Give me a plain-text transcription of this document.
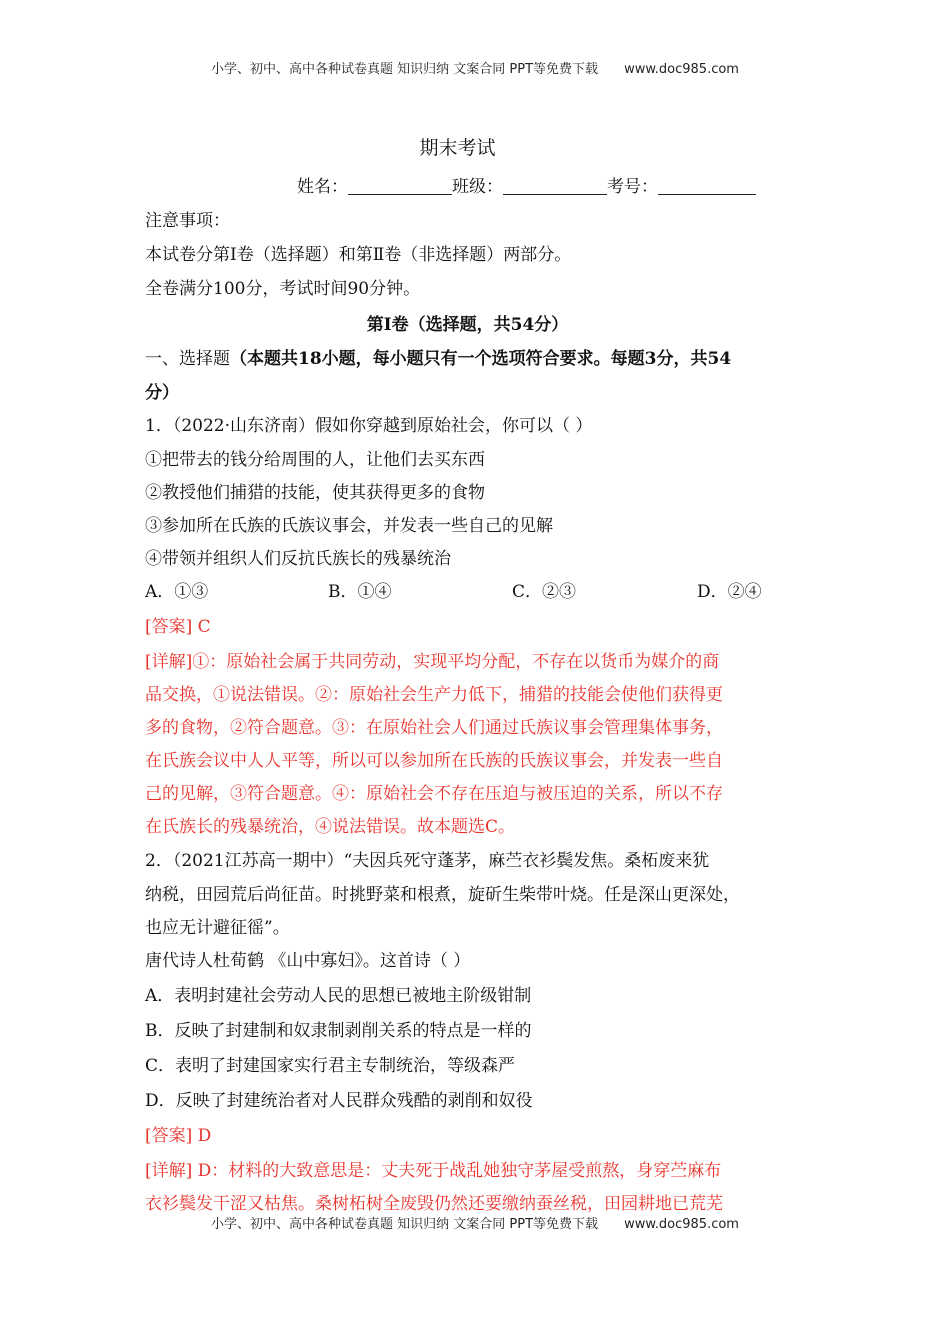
小学、初中、高中各种试卷真题 知识归纳 文案合同 PPT等免费下载 www.doc985.com
期末考试
姓名：	班级：	考号：
注意事项：
本试卷分第Ⅰ卷（选择题）和第Ⅱ卷（非选择题）两部分。
全卷满分100分，考试时间90分钟。
第Ⅰ卷（选择题，共54分）
一、选择题（本题共18小题，每小题只有一个选项符合要求。每题3分，共54
分）
1．（2022·山东济南）假如你穿越到原始社会，你可以（ ）
①把带去的钱分给周围的人，让他们去买东西
②教授他们捕猎的技能，使其获得更多的食物
③参加所在氏族的氏族议事会，并发表一些自己的见解
④带领并组织人们反抗氏族长的残暴统治
A．①③	B．①④	C．②③	D．②④
[答案] C
[详解]①：原始社会属于共同劳动，实现平均分配，不存在以货币为媒介的商
品交换，①说法错误。②：原始社会生产力低下，捕猎的技能会使他们获得更
多的食物，②符合题意。③：在原始社会人们通过氏族议事会管理集体事务，
在氏族会议中人人平等，所以可以参加所在氏族的氏族议事会，并发表一些自
己的见解，③符合题意。④：原始社会不存在压迫与被压迫的关系，所以不存
在氏族长的残暴统治，④说法错误。故本题选C。
2．（2021江苏高一期中）“夫因兵死守蓬茅，麻苎衣衫鬓发焦。桑柘废来犹
纳税，田园荒后尚征苗。时挑野菜和根煮，旋斫生柴带叶烧。任是深山更深处，
也应无计避征徭”。
唐代诗人杜荀鹤 《山中寡妇》。这首诗（ ）
A．表明封建社会劳动人民的思想已被地主阶级钳制
B．反映了封建制和奴隶制剥削关系的特点是一样的
C．表明了封建国家实行君主专制统治，等级森严
D．反映了封建统治者对人民群众残酷的剥削和奴役
[答案] D
[详解] D：材料的大致意思是：丈夫死于战乱她独守茅屋受煎熬，身穿苎麻布
衣衫鬓发干涩又枯焦。桑树柘树全废毁仍然还要缴纳蚕丝税，田园耕地已荒芜
小学、初中、高中各种试卷真题 知识归纳 文案合同 PPT等免费下载 www.doc985.com
